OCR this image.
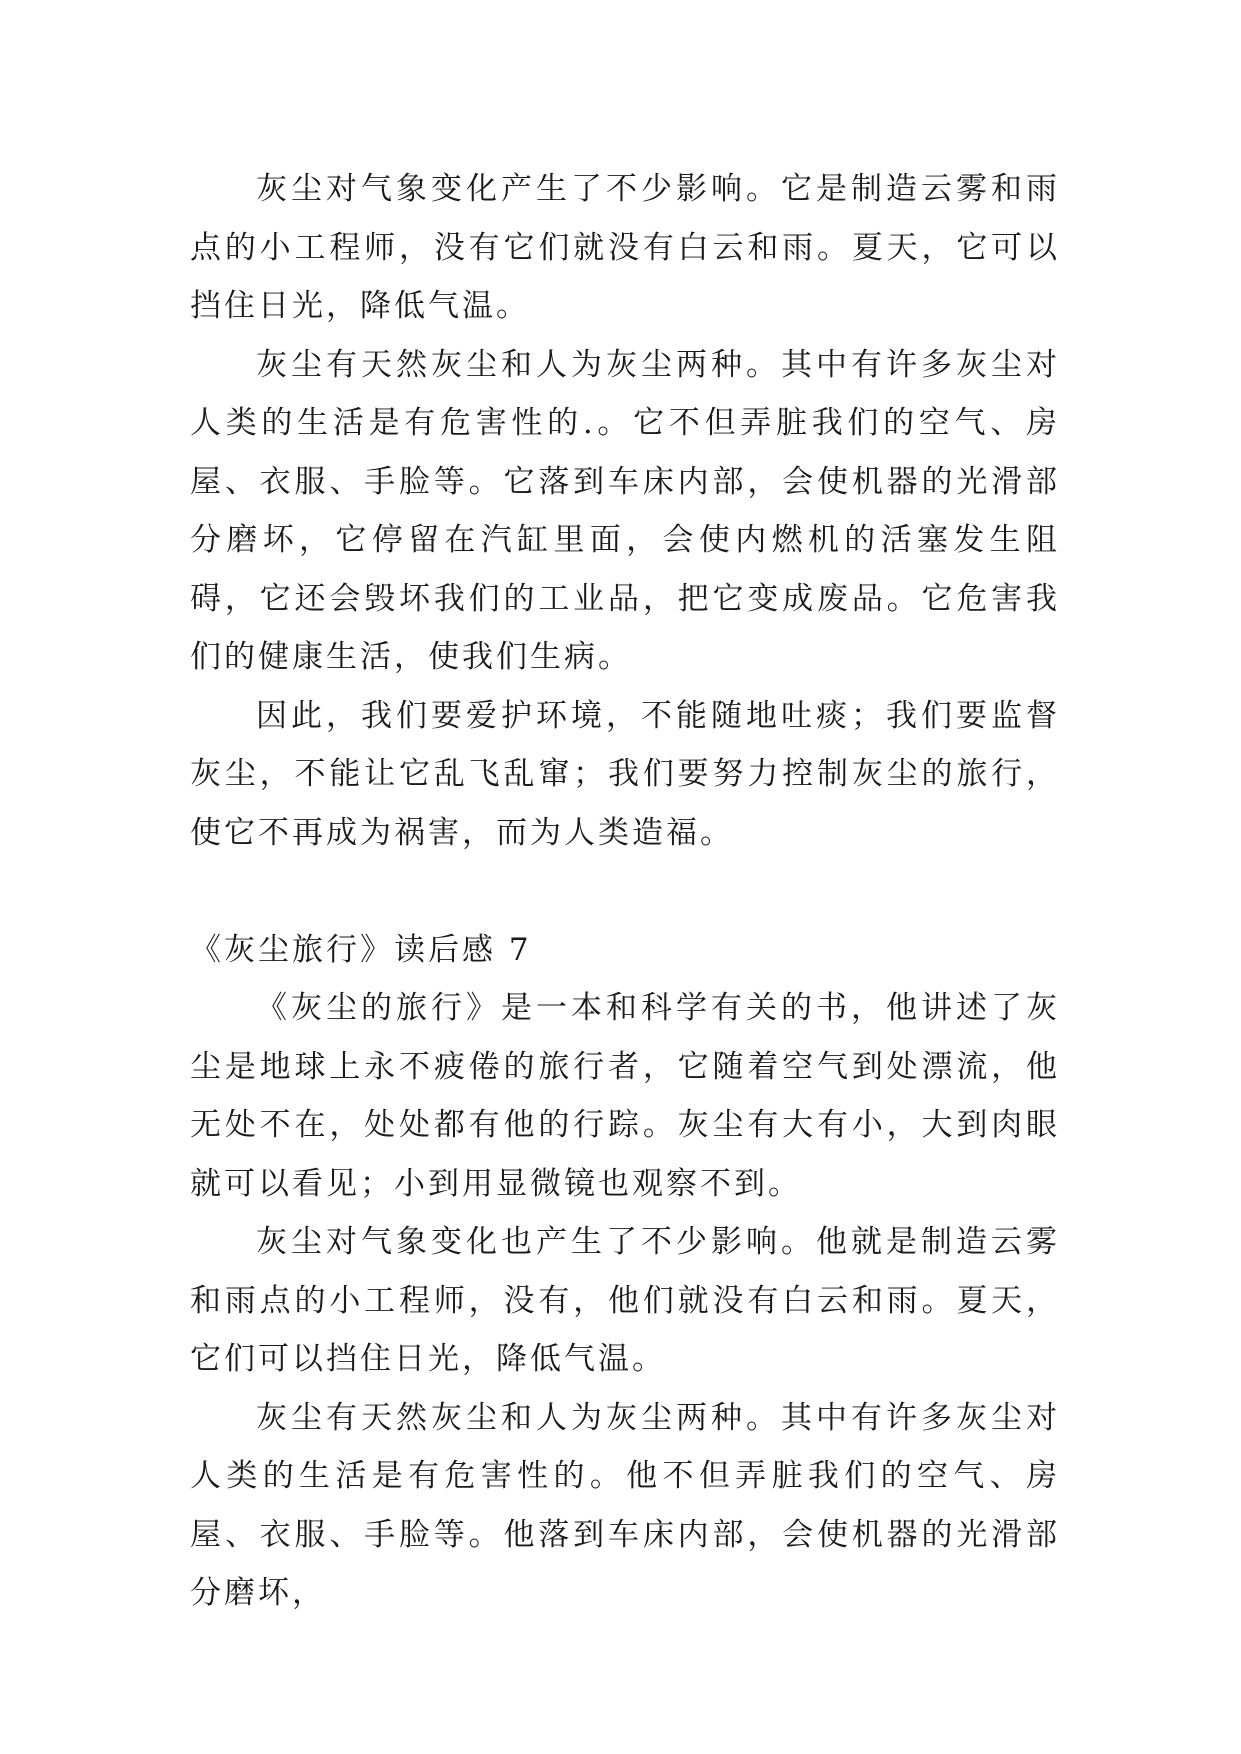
灰尘对气象变化产生了不少影响。它是制造云雾和雨点的小工程师，没有它们就没有白云和雨。夏天，它可以挡住日光，降低气温。

灰尘有天然灰尘和人为灰尘两种。其中有许多灰尘对人类的生活是有危害性的.。它不但弄脏我们的空气、房屋、衣服、手脸等。它落到车床内部，会使机器的光滑部分磨坏，它停留在汽缸里面，会使内燃机的活塞发生阻碍，它还会毁坏我们的工业品，把它变成废品。它危害我们的健康生活，使我们生病。

因此，我们要爱护环境，不能随地吐痰；我们要监督灰尘，不能让它乱飞乱窜；我们要努力控制灰尘的旅行，使它不再成为祸害，而为人类造福。

《灰尘旅行》读后感 7

《灰尘的旅行》是一本和科学有关的书，他讲述了灰尘是地球上永不疲倦的旅行者，它随着空气到处漂流，他无处不在，处处都有他的行踪。灰尘有大有小，大到肉眼就可以看见；小到用显微镜也观察不到。

灰尘对气象变化也产生了不少影响。他就是制造云雾和雨点的小工程师，没有，他们就没有白云和雨。夏天，它们可以挡住日光，降低气温。

灰尘有天然灰尘和人为灰尘两种。其中有许多灰尘对人类的生活是有危害性的。他不但弄脏我们的空气、房屋、衣服、手脸等。他落到车床内部，会使机器的光滑部分磨坏，
